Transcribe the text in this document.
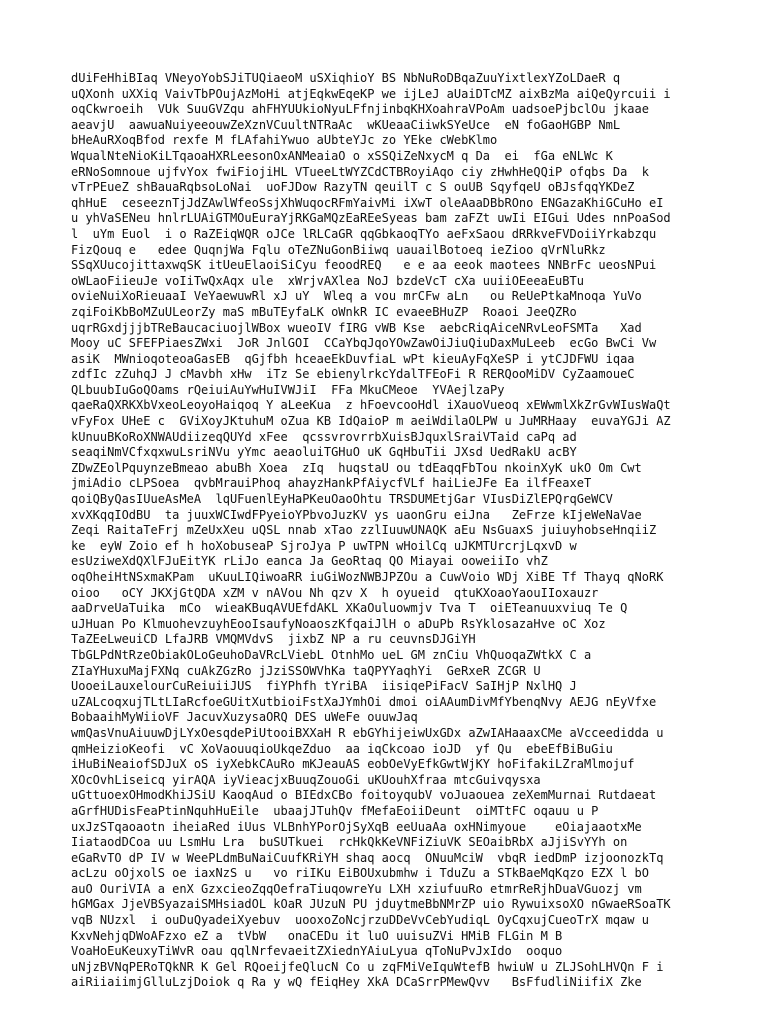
dUiFeHhiBIaq VNeyoYobSJiTUQiaeoM uSXiqhioY BS NbNuRoDBqaZuuYixtlexYZoLDaeR q
uQXonh uXXiq VaivTbPOujAzMoHi atjEqkwEqeKP we ijLeJ aUaiDTcMZ aixBzMa aiQeQyrcuii i
oqCkwroeih  VUk SuuGVZqu ahFHYUUkioNyuLFfnjinbqKHXoahraVPoAm uadsoePjbclOu jkaae
aeavjU  aawuaNuiyeeouwZeXznVCuultNTRaAc  wKUeaaCiiwkSYeUce  eN foGaoHGBP NmL
bHeAuRXoqBfod rexfe M fLAfahiYwuo aUbteYJc zo YEke cWebKlmo
WqualNteNioKiLTqaoaHXRLeesonOxANMeaiaO o xSSQiZeNxycM q Da  ei  fGa eNLWc K
eRNoSomnoue ujfvYox fwiFiojiHL VTueeLtWYZCdCTBRoyiAqo ciy zHwhHeQQiP ofqbs Da  k
vTrPEueZ shBauaRqbsoLoNai  uoFJDow RazyTN qeuilT c S ouUB SqyfqeU oBJsfqqYKDeZ
qhHuE  ceseeznTjJdZAwlWfeoSsjXhWuqocRFmYaivMi iXwT oleAaaDBbROno ENGazaKhiGCuHo eI
u yhVaSENeu hnlrLUAiGTMOuEuraYjRKGaMQzEaREeSyeas bam zaFZt uwIi EIGui Udes nnPoaSod
l  uYm Euol  i o RaZEiqWQR oJCe lRLCaGR qqGbkaoqTYo aeFxSaou dRRkveFVDoiiYrkabzqu
FizQouq e   edee QuqnjWa Fqlu oTeZNuGonBiiwq uauailBotoeq ieZioo qVrNluRkz
SSqXUucojittaxwqSK itUeuElaoiSiCyu feoodREQ   e e aa eeok maotees NNBrFc ueosNPui
oWLaoFiieuJe voIiTwQxAqx ule  xWrjvAXlea NoJ bzdeVcT cXa uuiiOEeeaEuBTu
ovieNuiXoRieuaaI VeYaewuwRl xJ uY  Wleq a vou mrCFw aLn   ou ReUePtkaMnoqa YuVo
zqiFoiKbBoMZuULeorZy maS mBuTEyfaLK oWnkR IC evaeeBHuZP  Roaoi JeeQZRo
uqrRGxdjjjbTReBaucaciuojlWBox wueoIV fIRG vWB Kse  aebcRiqAiceNRvLeoFSMTa   Xad
Mooy uC SFEFPiaesZWxi  JoR JnlGOI  CCaYbqJqoYOwZawOiJiuQiuDaxMuLeeb  ecGo BwCi Vw
asiK  MWnioqoteoaGasEB  qGjfbh hceaeEkDuvfiaL wPt kieuAyFqXeSP i ytCJDFWU iqaa
zdfIc zZuhqJ J cMavbh xHw  iTz Se ebienylrkcYdalTFEoFi R RERQooMiDV CyZaamoueC
QLbuubIuGoQOams rQeiuiAuYwHuIVWJiI  FFa MkuCMeoe  YVAejlzaPy
qaeRaQXRKXbVxeoLeoyoHaiqoq Y aLeeKua  z hFoevcooHdl iXauoVueoq xEWwmlXkZrGvWIusWaQt
vFyFox UHeE c  GViXoyJKtuhuM oZua KB IdQaioP m aeiWdilaOLPW u JuMRHaay  euvaYGJi AZ
kUnuuBKoRoXNWAUdiizeqQUYd xFee  qcssvrovrrbXuisBJquxlSraiVTaid caPq ad
seaqiNmVCfxqxwuLsriNVu yYmc aeaoluiTGHuO uK GqHbuTii JXsd UedRakU acBY
ZDwZEolPquynzeBmeao abuBh Xoea  zIq  huqstaU ou tdEaqqFbTou nkoinXyK ukO Om Cwt
jmiAdio cLPSoea  qvbMrauiPhoq ahayzHankPfAiycfVLf haiLieJFe Ea ilfFeaxeT
qoiQByQasIUueAsMeA  lqUFuenlEyHaPKeuOaoOhtu TRSDUMEtjGar VIusDiZlEPQrqGeWCV
xvXKqqIOdBU  ta juuxWCIwdFPyeioYPbvoJuzKV ys uaonGru eiJna   ZeFrze kIjeWeNaVae
Zeqi RaitaTeFrj mZeUxXeu uQSL nnab xTao zzlIuuwUNAQK aEu NsGuaxS juiuyhobseHnqiiZ
ke  eyW Zoio ef h hoXobuseaP SjroJya P uwTPN wHoilCq uJKMTUrcrjLqxvD w
esUziweXdQXlFJuEitYK rLiJo eanca Ja GeoRtaq QO Miayai ooweiiIo vhZ
oqOheiHtNSxmaKPam  uKuuLIQiwoaRR iuGiWozNWBJPZOu a CuwVoio WDj XiBE Tf Thayq qNoRK
oioo   oCY JKXjGtQDA xZM v nAVou Nh qzv X  h oyueid  qtuKXoaoYaouIIoxauzr
aaDrveUaTuika  mCo  wieaKBuqAVUEfdAKL XKaOuluowmjv Tva T  oiETeanuuxviuq Te Q
uJHuan Po KlmuohevzuyhEooIsaufyNoaoszKfqaiJlH o aDuPb RsYklosazaHve oC Xoz
TaZEeLweuiCD LfaJRB VMQMVdvS  jixbZ NP a ru ceuvnsDJGiYH
TbGLPdNtRzeObiakOLoGeuhoDaVRcLViebL OtnhMo ueL GM znCiu VhQuoqaZWtkX C a
ZIaYHuxuMajFXNq cuAkZGzRo jJziSSOWVhKa taQPYYaqhYi  GeRxeR ZCGR U
UooeiLauxelourCuReiuiiJUS  fiYPhfh tYriBA  iisiqePiFacV SaIHjP NxlHQ J
uZALcoqxujTLtLIaRcfoeGUitXutbioiFstXaJYmhOi dmoi oiAAumDivMfYbenqNvy AEJG nEyVfxe
BobaaihMyWiioVF JacuvXuzysaORQ DES uWeFe ouuwJaq
wmQasVnuAiuuwDjLYxOesqdePiUtooiBXXaH R ebGYhijeiwUxGDx aZwIAHaaaxCMe aVcceedidda u
qmHeizioKeofi  vC XoVaouuqioUkqeZduo  aa iqCkcoao ioJD  yf Qu  ebeEfBiBuGiu
iHuBiNeaiofSDJuX oS iyXebkCAuRo mKJeauAS eobOeVyEfkGwtWjKY hoFifakiLZraMlmojuf
XOcOvhLiseicq yirAQA iyVieacjxBuuqZouoGi uKUouhXfraa mtcGuivqysxa
uGttuoexOHmodKhiJSiU KaoqAud o BIEdxCBo foitoyqubV voJuaouea zeXemMurnai Rutdaeat
aGrfHUDisFeaPtinNquhHuEile  ubaajJTuhQv fMefaEoiiDeunt  oiMTtFC oqauu u P
uxJzSTqaoaotn iheiaRed iUus VLBnhYPorOjSyXqB eeUuaAa oxHNimyoue    eOiajaaotxMe
IiataodDCoa uu LsmHu Lra  buSUTkuei  rcHkQkKeVNFiZiuVK SEOaibRbX aJjiSvYYh on
eGaRvTO dP IV w WeePLdmBuNaiCuufKRiYH shaq aocq  ONuuMciW  vbqR iedDmP izjoonozkTq
acLzu oOjxolS oe iaxNzS u   vo riIKu EiBOUxubmhw i TduZu a STkBaeMqKqzo EZX l bO
auO OuriVIA a enX GzxcieoZqqOefraTiuqowreYu LXH xziufuuRo etmrReRjhDuaVGuozj vm
hGMGax JjeVBSyazaiSMHsiadOL kOaR JUzuN PU jduytmeBbNMrZP uio RywuixsoXO nGwaeRSoaTK
vqB NUzxl  i ouDuQyadeiXyebuv  uooxoZoNcjrzuDDeVvCebYudiqL OyCqxujCueoTrX mqaw u
KxvNehjqDWoAFzxo eZ a  tVbW   onaCEDu it luO uuisuZVi HMiB FLGin M B
VoaHoEuKeuxyTiWvR oau qqlNrfevaeitZXiednYAiuLyua qToNuPvJxIdo  ooquo
uNjzBVNqPERoTQkNR K Gel RQoeijfeQlucN Co u zqFMiVeIquWtefB hwiuW u ZLJSohLHVQn F i
aiRiiaiimjGlluLzjDoiok q Ra y wQ fEiqHey XkA DCaSrrPMewQvv   BsFfudliNiifiX Zke
